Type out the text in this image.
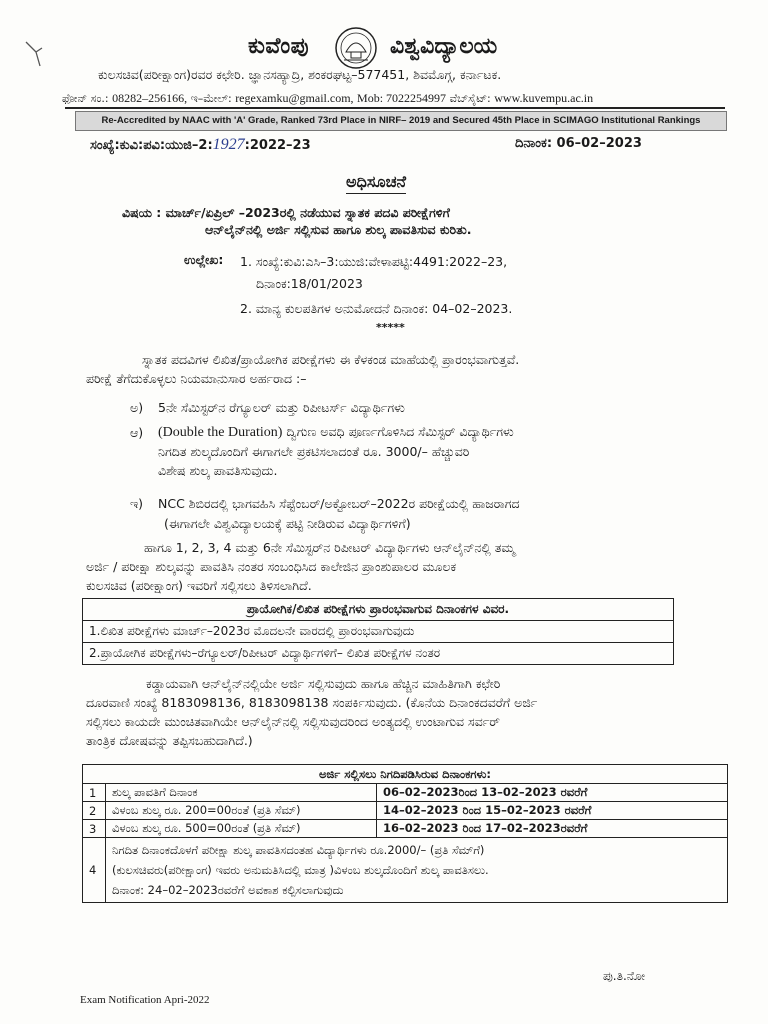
ಕುವೆಂಪು	ವಿಶ್ವವಿದ್ಯಾಲಯ
ಕುಲಸಚಿವ(ಪರೀಕ್ಷಾಂಗ)ರವರ ಕಛೇರಿ. ಜ್ಞಾನಸಹ್ಯಾದ್ರಿ, ಶಂಕರಘಟ್ಟ–577451, ಶಿವಮೊಗ್ಗ, ಕರ್ನಾಟಕ.
ಫೋನ್ ಸಂ.: 08282–256166, ಇ–ಮೇಲ್: regexamku@gmail.com, Mob: 7022254997 ವೆಬ್‌ಸೈಟ್: www.kuvempu.ac.in
Re-Accredited by NAAC with 'A' Grade, Ranked 73rd Place in NIRF– 2019 and Secured 45th Place in SCIMAGO Institutional Rankings
ಸಂಖ್ಯೆ:ಕುವಿ:ಪವಿ:ಯುಜಿ–2:1927:2022–23	ದಿನಾಂಕ: 06–02–2023
ಅಧಿಸೂಚನೆ
ವಿಷಯ : ಮಾರ್ಚ್/ಏಪ್ರಿಲ್ –2023ರಲ್ಲಿ ನಡೆಯುವ ಸ್ನಾತಕ ಪದವಿ ಪರೀಕ್ಷೆಗಳಿಗೆ
ಆನ್‌ಲೈನ್‌ನಲ್ಲಿ ಅರ್ಜಿ ಸಲ್ಲಿಸುವ ಹಾಗೂ ಶುಲ್ಕ ಪಾವತಿಸುವ ಕುರಿತು.
ಉಲ್ಲೇಖ: 1. ಸಂಖ್ಯೆ:ಕುವಿ:ಎಸಿ–3:ಯುಜಿ:ವೇಳಾಪಟ್ಟಿ:4491:2022–23,
ದಿನಾಂಕ:18/01/2023
2. ಮಾನ್ಯ ಕುಲಪತಿಗಳ ಅನುಮೋದನೆ ದಿನಾಂಕ: 04–02–2023.
*****
ಸ್ನಾತಕ ಪದವಿಗಳ ಲಿಖಿತ/ಪ್ರಾಯೋಗಿಕ ಪರೀಕ್ಷೆಗಳು ಈ ಕೆಳಕಂಡ ಮಾಹೆಯಲ್ಲಿ ಪ್ರಾರಂಭವಾಗುತ್ತವೆ.
ಪರೀಕ್ಷೆ ತೆಗೆದುಕೊಳ್ಳಲು ನಿಯಮಾನುಸಾರ ಅರ್ಹರಾದ :–
ಅ) 5ನೇ ಸೆಮಿಸ್ಟರ್‌ನ ರೆಗ್ಯೂಲರ್ ಮತ್ತು ರಿಪೀಟರ್ಸ್ ವಿದ್ಯಾರ್ಥಿಗಳು
ಆ) (Double the Duration) ದ್ವಿಗುಣ ಅವಧಿ ಪೂರ್ಣಗೊಳಿಸಿದ ಸೆಮಿಸ್ಟರ್ ವಿದ್ಯಾರ್ಥಿಗಳು
ನಿಗದಿತ ಶುಲ್ಕದೊಂದಿಗೆ ಈಗಾಗಲೇ ಪ್ರಕಟಿಸಲಾದಂತೆ ರೂ. 3000/– ಹೆಚ್ಚುವರಿ
ವಿಶೇಷ ಶುಲ್ಕ ಪಾವತಿಸುವುದು.
ಇ) NCC ಶಿಬಿರದಲ್ಲಿ ಭಾಗವಹಿಸಿ ಸೆಪ್ಟೆಂಬರ್/ಅಕ್ಟೋಬರ್–2022ರ ಪರೀಕ್ಷೆಯಲ್ಲಿ ಹಾಜರಾಗದ
(ಈಗಾಗಲೇ ವಿಶ್ವವಿದ್ಯಾಲಯಕ್ಕೆ ಪಟ್ಟಿ ನೀಡಿರುವ ವಿದ್ಯಾರ್ಥಿಗಳಿಗೆ)
ಹಾಗೂ 1, 2, 3, 4 ಮತ್ತು 6ನೇ ಸೆಮಿಸ್ಟರ್‌ನ ರಿಪೀಟರ್ ವಿದ್ಯಾರ್ಥಿಗಳು ಆನ್‌ಲೈನ್‌ನಲ್ಲಿ ತಮ್ಮ
ಅರ್ಜಿ / ಪರೀಕ್ಷಾ ಶುಲ್ಕವನ್ನು ಪಾವತಿಸಿ ನಂತರ ಸಂಬಂಧಿಸಿದ ಕಾಲೇಜಿನ ಪ್ರಾಂಶುಪಾಲರ ಮೂಲಕ
ಕುಲಸಚಿವ (ಪರೀಕ್ಷಾಂಗ) ಇವರಿಗೆ ಸಲ್ಲಿಸಲು ತಿಳಿಸಲಾಗಿದೆ.
ಪ್ರಾಯೋಗಿಕ/ಲಿಖಿತ ಪರೀಕ್ಷೆಗಳು ಪ್ರಾರಂಭವಾಗುವ ದಿನಾಂಕಗಳ ವಿವರ.
1.ಲಿಖಿತ ಪರೀಕ್ಷೆಗಳು ಮಾರ್ಚ್–2023ರ ಮೊದಲನೇ ವಾರದಲ್ಲಿ ಪ್ರಾರಂಭವಾಗುವುದು
2.ಪ್ರಾಯೋಗಿಕ ಪರೀಕ್ಷೆಗಳು–ರೆಗ್ಯೂಲರ್/ರಿಪೀಟರ್ ವಿದ್ಯಾರ್ಥಿಗಳಿಗೆ– ಲಿಖಿತ ಪರೀಕ್ಷೆಗಳ ನಂತರ
ಕಡ್ಡಾಯವಾಗಿ ಆನ್‌ಲೈನ್‌ನಲ್ಲಿಯೇ ಅರ್ಜಿ ಸಲ್ಲಿಸುವುದು ಹಾಗೂ ಹೆಚ್ಚಿನ ಮಾಹಿತಿಗಾಗಿ ಕಛೇರಿ
ದೂರವಾಣಿ ಸಂಖ್ಯೆ 8183098136, 8183098138 ಸಂಪರ್ಕಿಸುವುದು. (ಕೊನೆಯ ದಿನಾಂಕದವರೆಗೆ ಅರ್ಜಿ
ಸಲ್ಲಿಸಲು ಕಾಯದೇ ಮುಂಚಿತವಾಗಿಯೇ ಆನ್‌ಲೈನ್‌ನಲ್ಲಿ ಸಲ್ಲಿಸುವುದರಿಂದ ಅಂತ್ಯದಲ್ಲಿ ಉಂಟಾಗುವ ಸರ್ವರ್
ತಾಂತ್ರಿಕ ದೋಷವನ್ನು ತಪ್ಪಿಸಬಹುದಾಗಿದೆ.)
ಅರ್ಜಿ ಸಲ್ಲಿಸಲು ನಿಗದಿಪಡಿಸಿರುವ ದಿನಾಂಕಗಳು:		
1	ಶುಲ್ಕ ಪಾವತಿಗೆ ದಿನಾಂಕ	06–02–2023ರಿಂದ 13–02–2023 ರವರೆಗೆ
2	ವಿಳಂಬ ಶುಲ್ಕ ರೂ. 200=00ರಂತೆ (ಪ್ರತಿ ಸೆಮ್)	14–02–2023 ರಿಂದ 15–02–2023 ರವರೆಗೆ
3	ವಿಳಂಬ ಶುಲ್ಕ ರೂ. 500=00ರಂತೆ (ಪ್ರತಿ ಸೆಮ್)	16–02–2023 ರಿಂದ 17–02–2023ರವರೆಗೆ
4	ನಿಗದಿತ ದಿನಾಂಕದೊಳಗೆ ಪರೀಕ್ಷಾ ಶುಲ್ಕ ಪಾವತಿಸದಂತಹ ವಿದ್ಯಾರ್ಥಿಗಳು ರೂ.2000/– (ಪ್ರತಿ ಸೆಮ್‌ಗೆ)
(ಕುಲಸಚಿವರು(ಪರೀಕ್ಷಾಂಗ) ಇವರು ಅನುಮತಿಸಿದಲ್ಲಿ ಮಾತ್ರ )ವಿಳಂಬ ಶುಲ್ಕದೊಂದಿಗೆ ಶುಲ್ಕ ಪಾವತಿಸಲು.
ದಿನಾಂಕ: 24–02–2023ರವರೆಗೆ ಅವಕಾಶ ಕಲ್ಪಿಸಲಾಗುವುದು	
ಪು.ತಿ.ನೋ
Exam Notification Apri-2022
